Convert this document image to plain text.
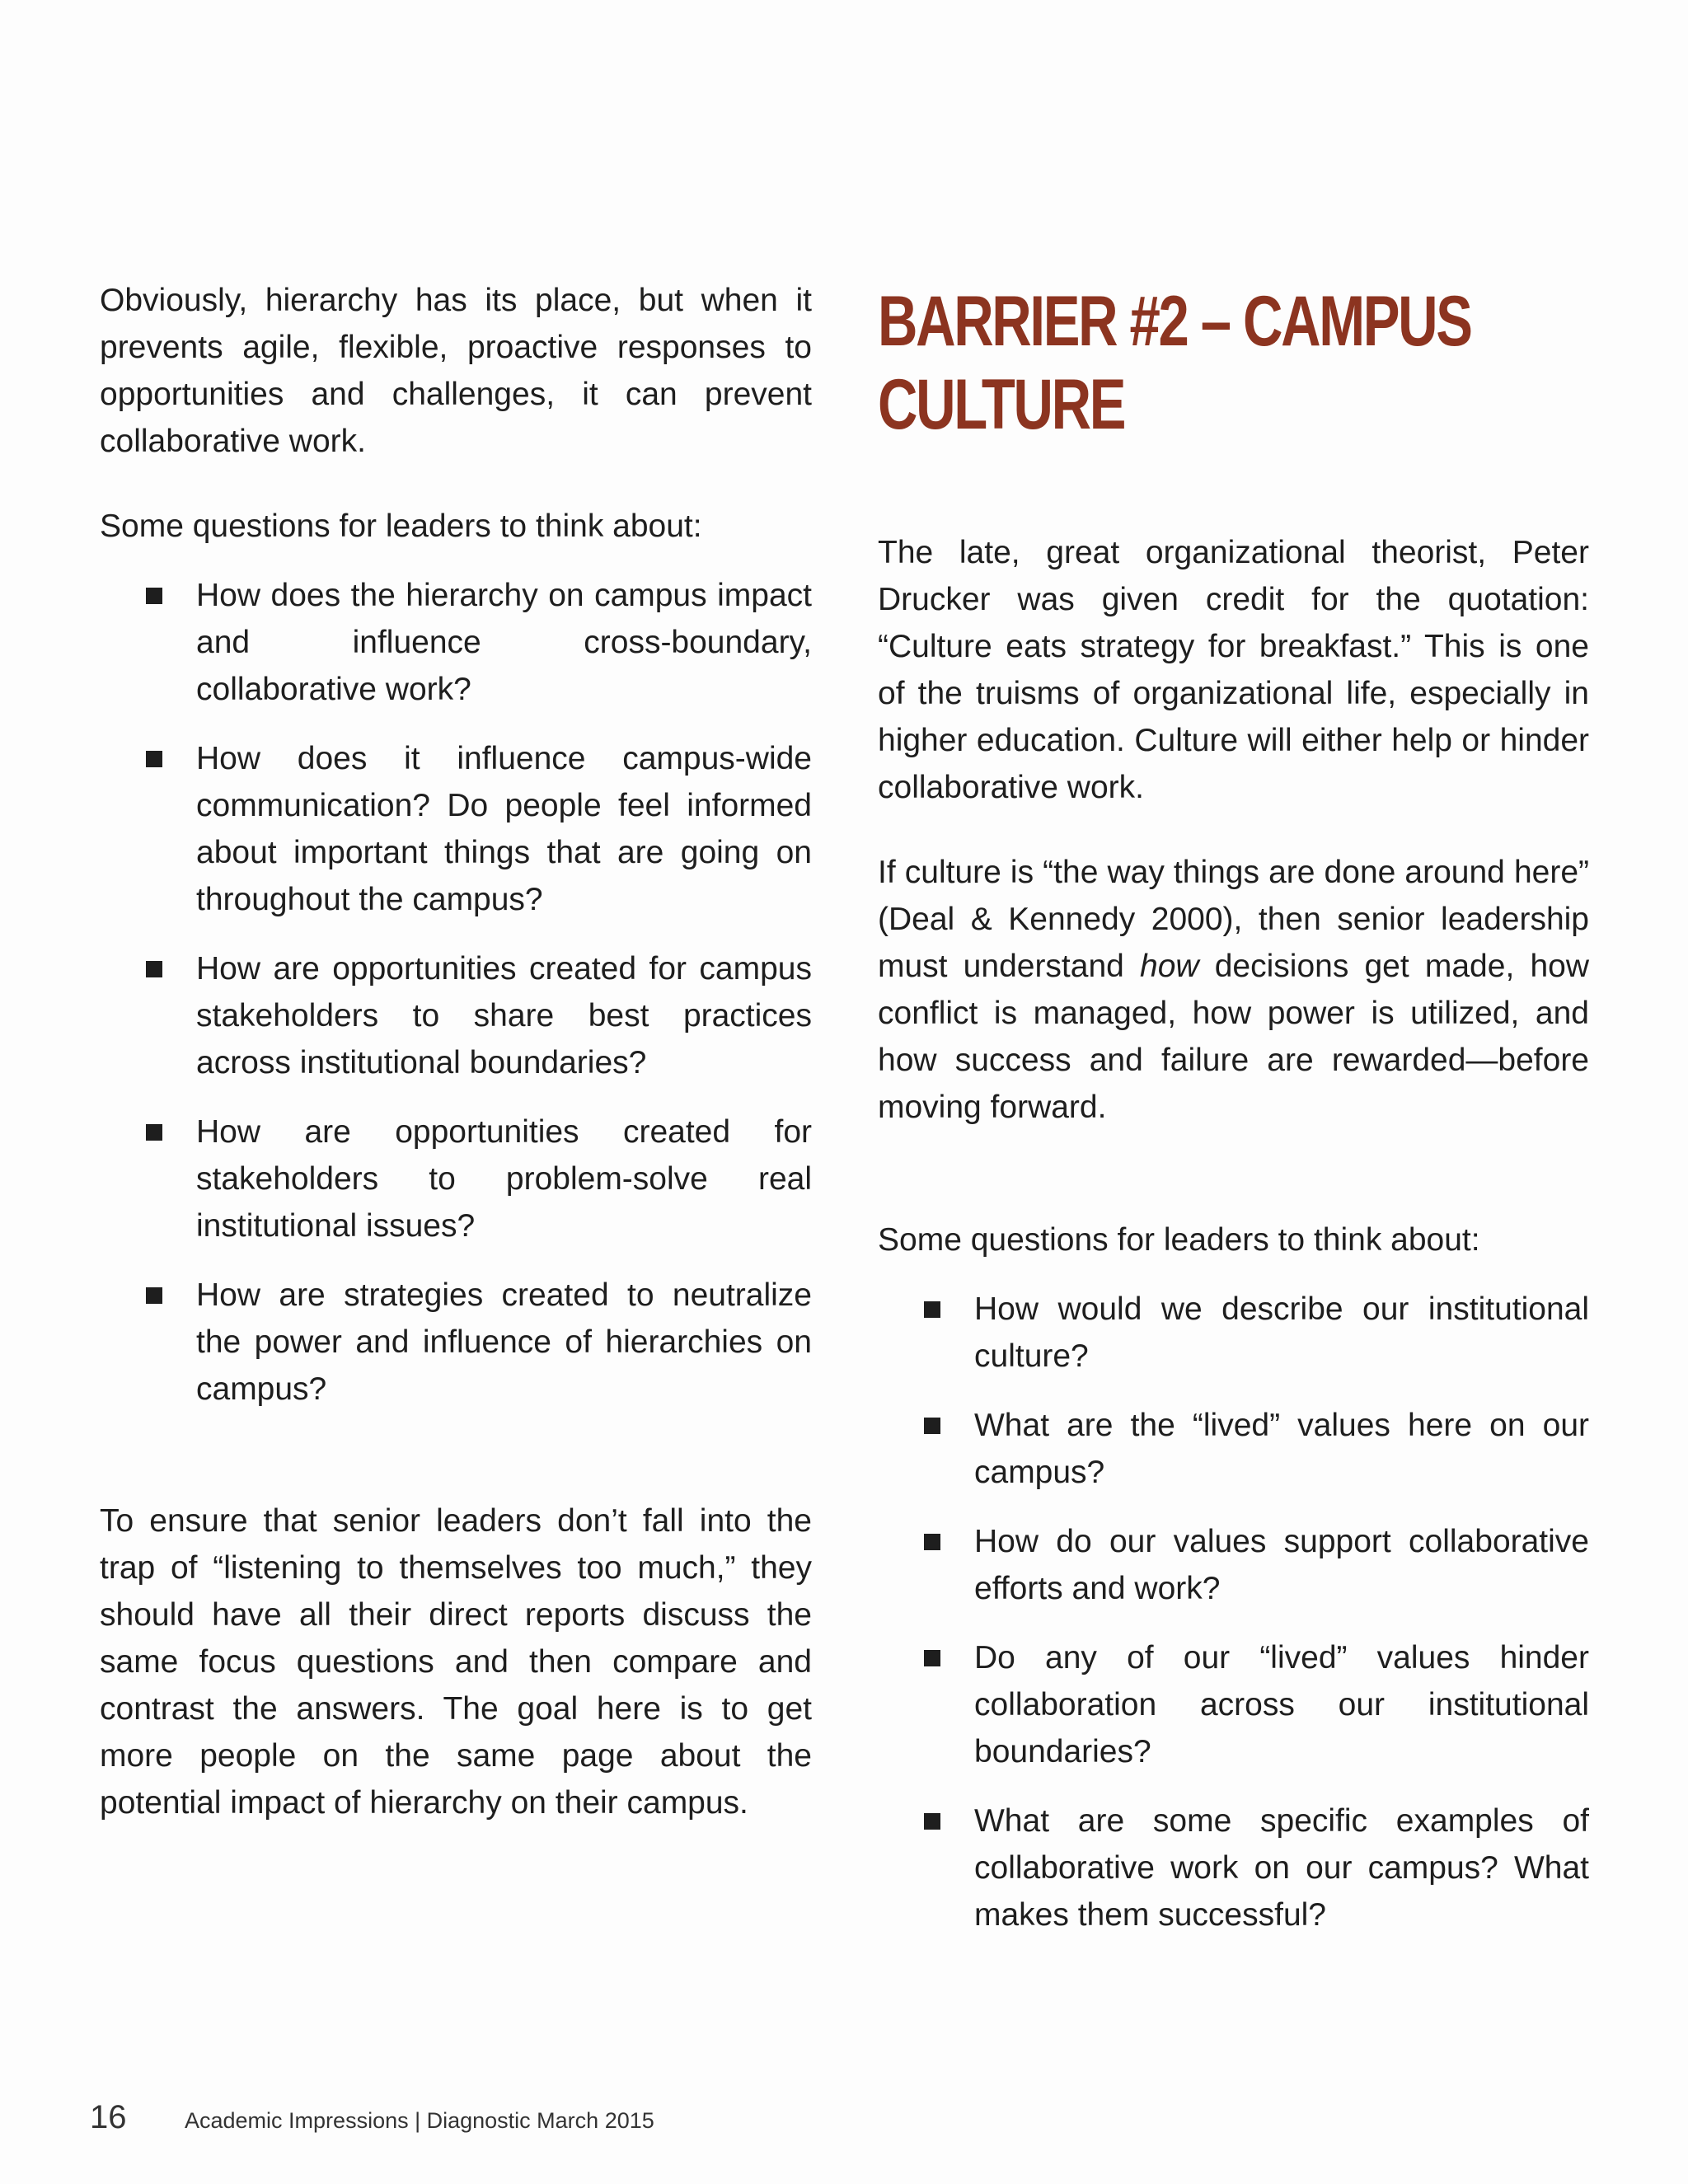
Obviously, hierarchy has its place, but when it prevents agile, flexible, proactive responses to opportunities and challenges, it can prevent collaborative work.

Some questions for leaders to think about:

How does the hierarchy on campus impact and influence cross-boundary, collaborative work?
How does it influence campus-wide communication? Do people feel informed about important things that are going on throughout the campus?
How are opportunities created for campus stakeholders to share best practices across institutional boundaries?
How are opportunities created for stakeholders to problem-solve real institutional issues?
How are strategies created to neutralize the power and influence of hierarchies on campus?

To ensure that senior leaders don’t fall into the trap of “listening to themselves too much,” they should have all their direct reports discuss the same focus questions and then compare and contrast the answers. The goal here is to get more people on the same page about the potential impact of hierarchy on their campus.

BARRIER #2 – CAMPUS
CULTURE

The late, great organizational theorist, Peter Drucker was given credit for the quotation: “Culture eats strategy for breakfast.” This is one of the truisms of organizational life, especially in higher education. Culture will either help or hinder collaborative work.

If culture is “the way things are done around here” (Deal & Kennedy 2000), then senior leadership must understand how decisions get made, how conflict is managed, how power is utilized, and how success and failure are rewarded—before moving forward.

Some questions for leaders to think about:

How would we describe our institutional culture?
What are the “lived” values here on our campus?
How do our values support collaborative efforts and work?
Do any of our “lived” values hinder collaboration across our institutional boundaries?
What are some specific examples of collaborative work on our campus? What makes them successful?
16	Academic Impressions | Diagnostic March 2015
